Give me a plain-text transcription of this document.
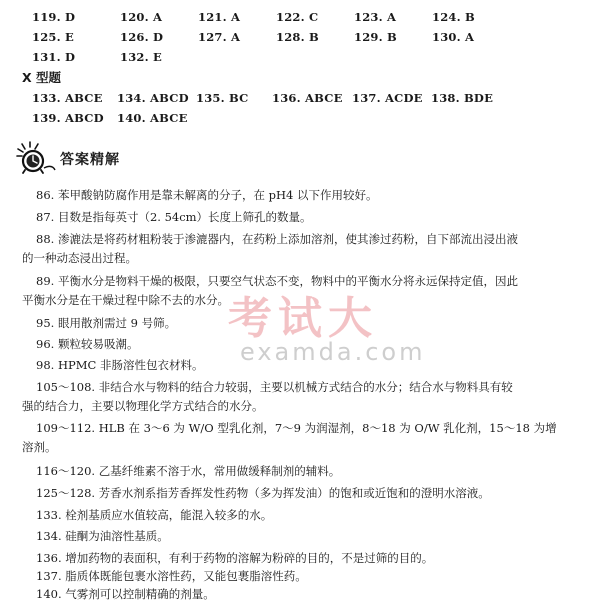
119. D	120. A	121. A	122. C	123. A	124. B
125. E	126. D	127. A	128. B	129. B	130. A
131. D	132. E
X 型题
133. ABCE 134. ABCD 135. BC 136. ABCE 137. ACDE 138. BDE
139. ABCD 140. ABCE
答案精解
86. 苯甲酸钠防腐作用是靠未解离的分子，在 pH4 以下作用较好。
87. 目数是指每英寸（2. 54cm）长度上筛孔的数量。
88. 渗漉法是将药材粗粉装于渗漉器内，在药粉上添加溶剂，使其渗过药粉，自下部流出浸出液
的一种动态浸出过程。
89. 平衡水分是物料干燥的极限，只要空气状态不变，物料中的平衡水分将永远保持定值，因此
平衡水分是在干燥过程中除不去的水分。
95. 眼用散剂需过 9 号筛。
96. 颗粒较易吸潮。
98. HPMC 非肠溶性包衣材料。
105～108. 非结合水与物料的结合力较弱，主要以机械方式结合的水分；结合水与物料具有较
强的结合力，主要以物理化学方式结合的水分。
109～112. HLB 在 3～6 为 W/O 型乳化剂，7～9 为润湿剂，8～18 为 O/W 乳化剂，15～18 为增
溶剂。
116～120. 乙基纤维素不溶于水，常用做缓释制剂的辅料。
125～128. 芳香水剂系指芳香挥发性药物（多为挥发油）的饱和或近饱和的澄明水溶液。
133. 栓剂基质应水值较高，能混入较多的水。
134. 硅酮为油溶性基质。
136. 增加药物的表面积，有利于药物的溶解为粉碎的目的，不是过筛的目的。
137. 脂质体既能包裹水溶性药，又能包裹脂溶性药。
140. 气雾剂可以控制精确的剂量。
考试大
examda.com
